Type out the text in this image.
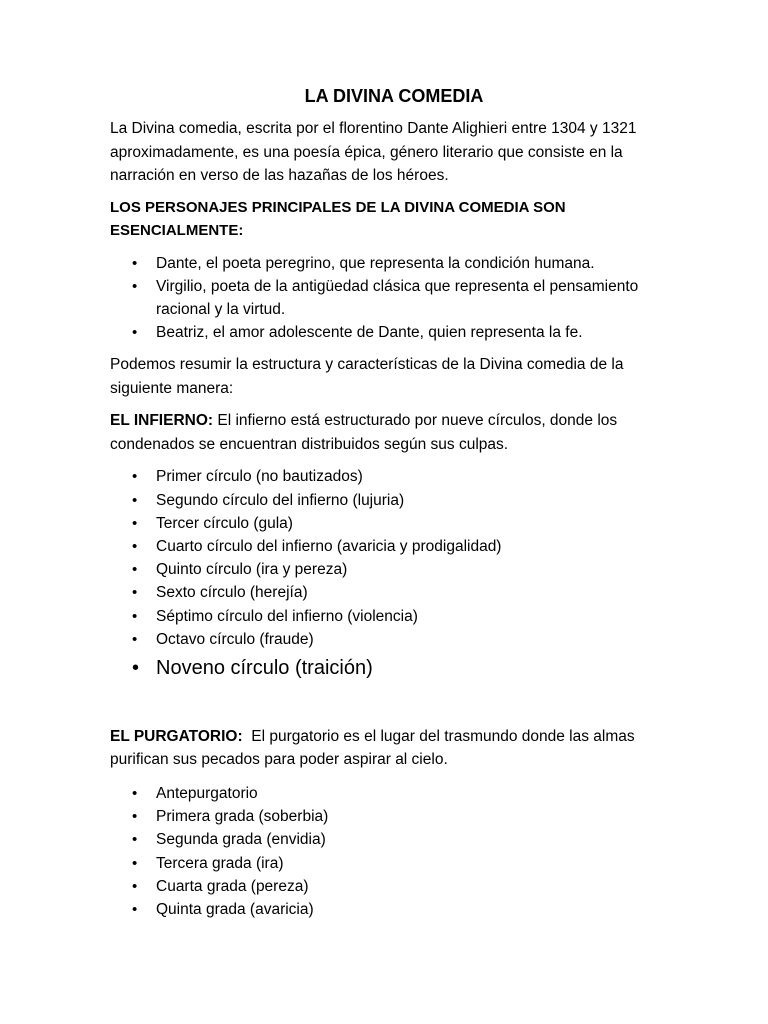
LA DIVINA COMEDIA

La Divina comedia, escrita por el florentino Dante Alighieri entre 1304 y 1321 aproximadamente, es una poesía épica, género literario que consiste en la narración en verso de las hazañas de los héroes.

LOS PERSONAJES PRINCIPALES DE LA DIVINA COMEDIA SON ESENCIALMENTE:

• Dante, el poeta peregrino, que representa la condición humana.
• Virgilio, poeta de la antigüedad clásica que representa el pensamiento racional y la virtud.
• Beatriz, el amor adolescente de Dante, quien representa la fe.

Podemos resumir la estructura y características de la Divina comedia de la siguiente manera:

EL INFIERNO: El infierno está estructurado por nueve círculos, donde los condenados se encuentran distribuidos según sus culpas.

• Primer círculo (no bautizados)
• Segundo círculo del infierno (lujuria)
• Tercer círculo (gula)
• Cuarto círculo del infierno (avaricia y prodigalidad)
• Quinto círculo (ira y pereza)
• Sexto círculo (herejía)
• Séptimo círculo del infierno (violencia)
• Octavo círculo (fraude)
• Noveno círculo (traición)

EL PURGATORIO:  El purgatorio es el lugar del trasmundo donde las almas purifican sus pecados para poder aspirar al cielo.

• Antepurgatorio
• Primera grada (soberbia)
• Segunda grada (envidia)
• Tercera grada (ira)
• Cuarta grada (pereza)
• Quinta grada (avaricia)
